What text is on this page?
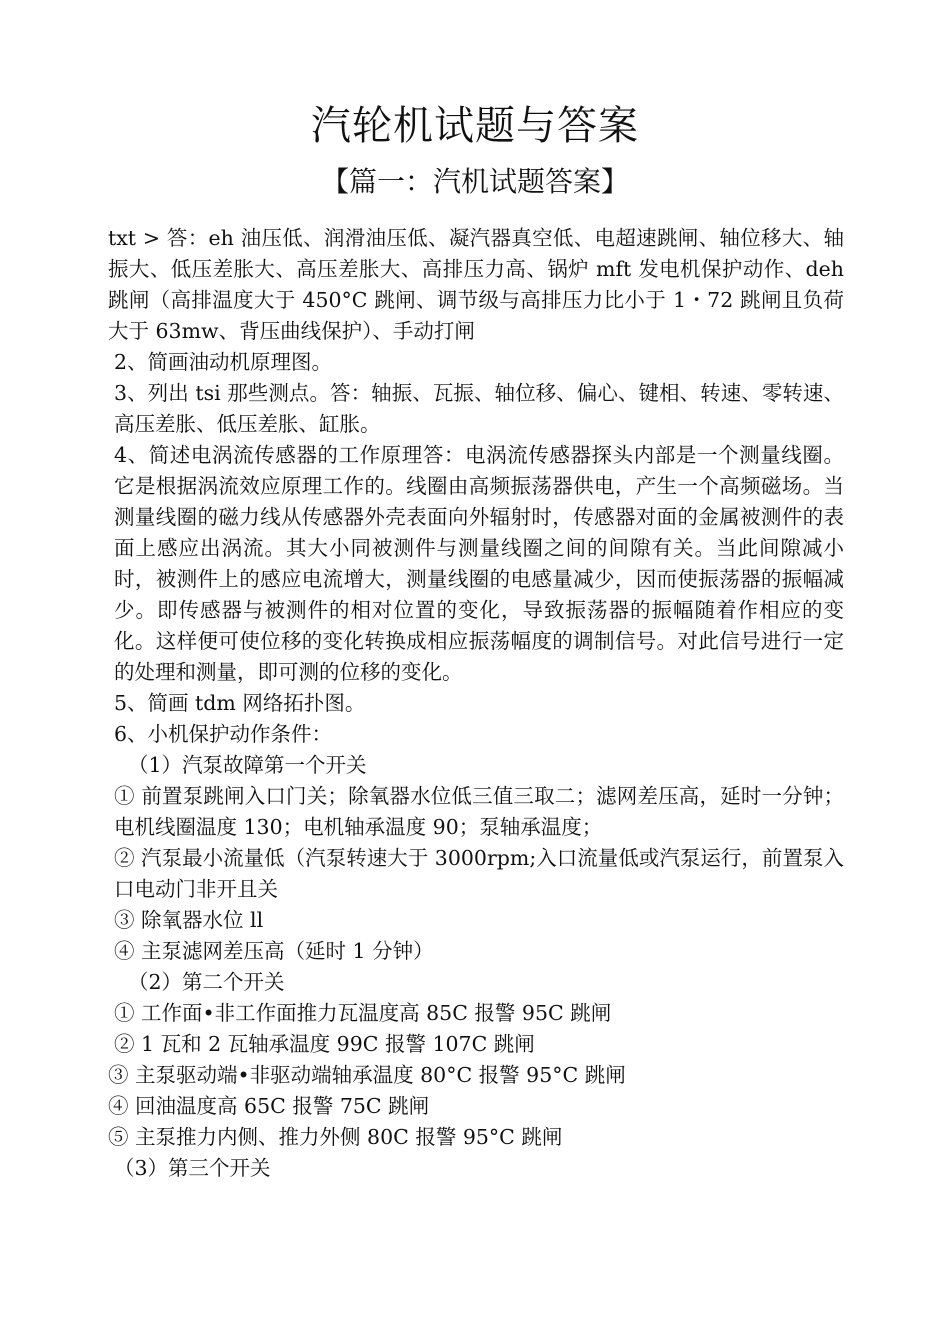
汽轮机试题与答案
【篇一：汽机试题答案】

txt > 答：eh 油压低、润滑油压低、凝汽器真空低、电超速跳闸、轴位移大、轴振大、低压差胀大、高压差胀大、高排压力高、锅炉 mft 发电机保护动作、deh 跳闸（高排温度大于 450°C 跳闸、调节级与高排压力比小于 1・72 跳闸且负荷大于 63mw、背压曲线保护）、手动打闸

2、简画油动机原理图。

3、列出 tsi 那些测点。答：轴振、瓦振、轴位移、偏心、键相、转速、零转速、高压差胀、低压差胀、缸胀。

4、简述电涡流传感器的工作原理答：电涡流传感器探头内部是一个测量线圈。它是根据涡流效应原理工作的。线圈由高频振荡器供电，产生一个高频磁场。当测量线圈的磁力线从传感器外壳表面向外辐射时，传感器对面的金属被测件的表面上感应出涡流。其大小同被测件与测量线圈之间的间隙有关。当此间隙减小时，被测件上的感应电流增大，测量线圈的电感量减少，因而使振荡器的振幅减少。即传感器与被测件的相对位置的变化，导致振荡器的振幅随着作相应的变化。这样便可使位移的变化转换成相应振荡幅度的调制信号。对此信号进行一定的处理和测量，即可测的位移的变化。

5、简画 tdm 网络拓扑图。

6、小机保护动作条件：

（1）汽泵故障第一个开关

① 前置泵跳闸入口门关；除氧器水位低三值三取二；滤网差压高，延时一分钟；电机线圈温度 130；电机轴承温度 90；泵轴承温度；

② 汽泵最小流量低（汽泵转速大于 3000rpm;入口流量低或汽泵运行，前置泵入口电动门非开且关

③ 除氧器水位 ll

④ 主泵滤网差压高（延时 1 分钟）

（2）第二个开关

① 工作面•非工作面推力瓦温度高 85C 报警 95C 跳闸

② 1 瓦和 2 瓦轴承温度 99C 报警 107C 跳闸

③ 主泵驱动端•非驱动端轴承温度 80°C 报警 95°C 跳闸

④ 回油温度高 65C 报警 75C 跳闸

⑤ 主泵推力内侧、推力外侧 80C 报警 95°C 跳闸

（3）第三个开关
